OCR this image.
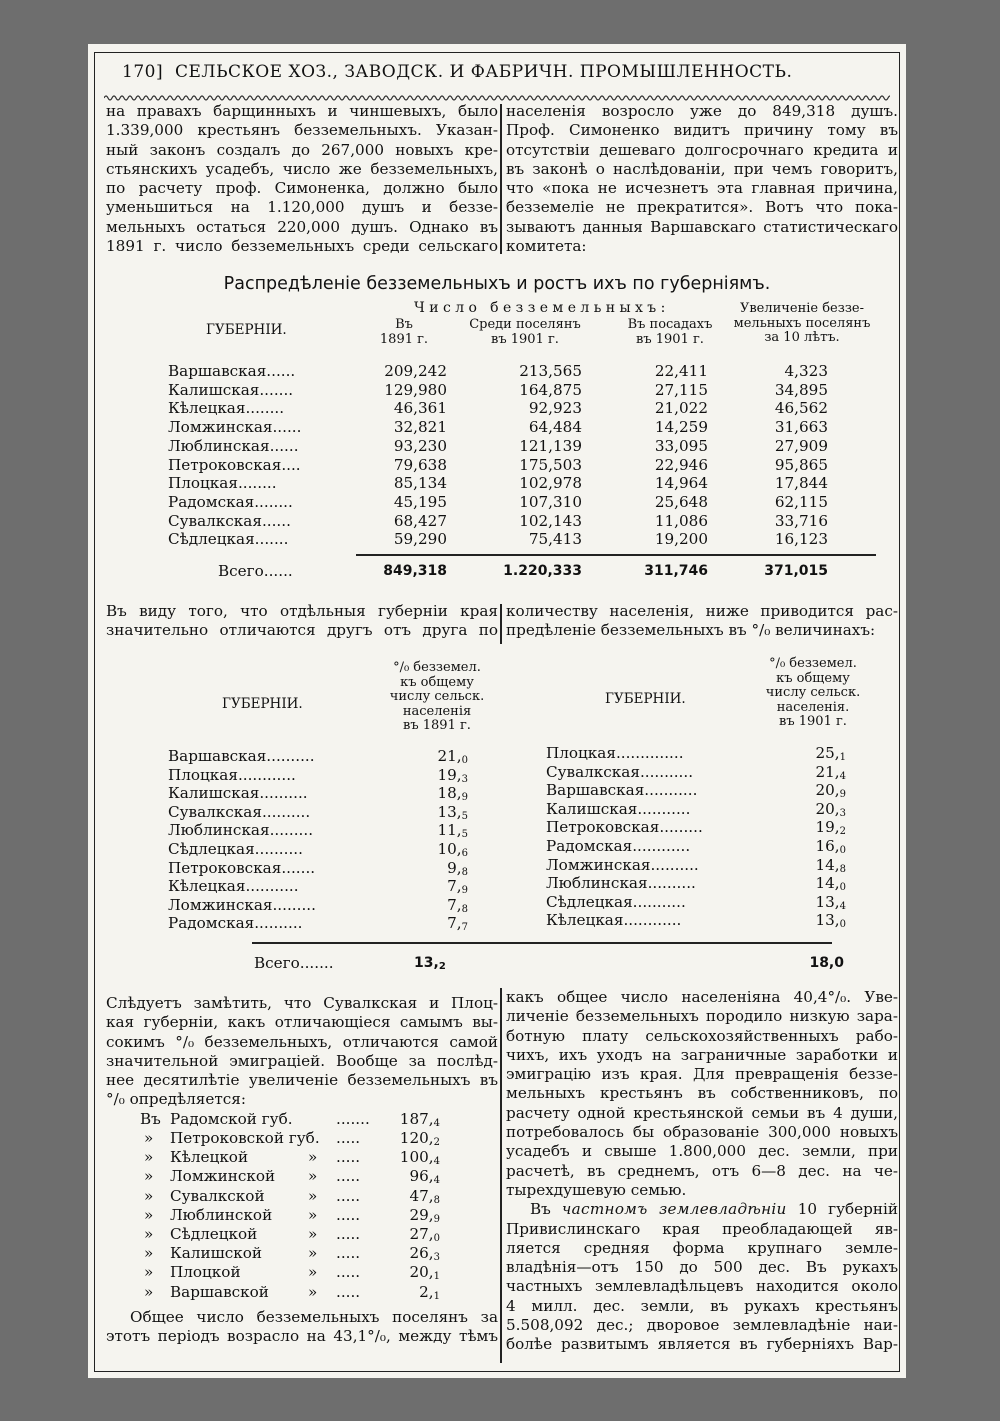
170] СЕЛЬСКОЕ ХОЗ., ЗАВОДСК. И ФАБРИЧН. ПРОМЫШЛЕННОСТЬ.
на правахъ барщинныхъ и чиншевыхъ, было
1.339,000 крестьянъ безземельныхъ. Указан-
ный законъ создалъ до 267,000 новыхъ кре-
стьянскихъ усадебъ, число же безземельныхъ,
по расчету проф. Симоненка, должно было
уменьшиться на 1.120,000 душъ и беззе-
мельныхъ остаться 220,000 душъ. Однако въ
1891 г. число безземельныхъ среди сельскаго
населенія возросло уже до 849,318 душъ.
Проф. Симоненко видитъ причину тому въ
отсутствіи дешеваго долгосрочнаго кредита и
въ законѣ о наслѣдованіи, при чемъ говоритъ,
что «пока не исчезнетъ эта главная причина,
безземеліе не прекратится». Вотъ что пока-
зываютъ данныя Варшавскаго статистическаго
комитета:
Распредѣленіе безземельныхъ и ростъ ихъ по губерніямъ.
Число безземельныхъ:
ГУБЕРНІИ.	Въ
1891 г.
Среди поселянъ
въ 1901 г.
Въ посадахъ
въ 1901 г.
Увеличеніе беззе-
мельныхъ поселянъ
за 10 лѣтъ.
Варшавская......	209,242	213,565	22,411	4,323
Калишская.......	129,980	164,875	27,115	34,895
Кѣлецкая........	46,361	92,923	21,022	46,562
Ломжинская......	32,821	64,484	14,259	31,663
Люблинская......	93,230	121,139	33,095	27,909
Петроковская....	79,638	175,503	22,946	95,865
Плоцкая........	85,134	102,978	14,964	17,844
Радомская........	45,195	107,310	25,648	62,115
Сувалкская......	68,427	102,143	11,086	33,716
Сѣдлецкая.......	59,290	75,413	19,200	16,123
Всего......	849,318	1.220,333	311,746	371,015
Въ виду того, что отдѣльныя губерніи края
значительно отличаются другъ отъ друга по
количеству населенія, ниже приводится рас-
предѣленіе безземельныхъ въ °/₀ величинахъ:
ГУБЕРНІИ.
°/₀ безземел.
къ общему
числу сельск.
населенія
въ 1891 г.
ГУБЕРНІИ.
°/₀ безземел.
къ общему
числу сельск.
населенія.
въ 1901 г.
Варшавская..........	21,0
Плоцкая............	19,3
Калишская..........	18,9
Сувалкская..........	13,5
Люблинская.........	11,5
Сѣдлецкая..........	10,6
Петроковская.......	9,8
Кѣлецкая...........	7,9
Ломжинская.........	7,8
Радомская..........	7,7
Плоцкая..............	25,1
Сувалкская...........	21,4
Варшавская...........	20,9
Калишская...........	20,3
Петроковская.........	19,2
Радомская............	16,0
Ломжинская..........	14,8
Люблинская..........	14,0
Сѣдлецкая...........	13,4
Кѣлецкая............	13,0
Всего.......	13,2	18,0
Слѣдуетъ замѣтить, что Сувалкская и Плоц-
кая губерніи, какъ отличающіеся самымъ вы-
сокимъ °/₀ безземельныхъ, отличаются самой
значительной эмиграціей. Вообще за послѣд-
нее десятилѣтіе увеличеніе безземельныхъ въ
°/₀ опредѣляется:
Въ Радомской губ.	....... 187,4
» Петроковской губ. .....	120,2
» Кѣлецкой	» .....	100,4
» Ломжинской » .....	96,4
» Сувалкской	» .....	47,8
» Люблинской » .....	29,9
» Сѣдлецкой	» .....	27,0
» Калишской	» .....	26,3
» Плоцкой	» .....	20,1
» Варшавской	» .....	2,1
Общее число безземельныхъ поселянъ за
этотъ періодъ возрасло на 43,1°/₀, между тѣмъ
какъ общее число населеніяна 40,4°/₀. Уве-
личеніе безземельныхъ породило низкую зара-
ботную плату сельскохозяйственныхъ рабо-
чихъ, ихъ уходъ на заграничные заработки и
эмиграцію изъ края. Для превращенія беззе-
мельныхъ крестьянъ въ собственниковъ, по
расчету одной крестьянской семьи въ 4 души,
потребовалось бы образованіе 300,000 новыхъ
усадебъ и свыше 1.800,000 дес. земли, при
расчетѣ, въ среднемъ, отъ 6—8 дес. на че-
тырехдушевую семью.
Въ частномъ землевладѣніи 10 губерній
Привислинскаго края преобладающей яв-
ляется средняя форма крупнаго земле-
владѣнія—отъ 150 до 500 дес. Въ рукахъ
частныхъ землевладѣльцевъ находится около
4 милл. дес. земли, въ рукахъ крестьянъ
5.508,092 дес.; дворовое землевладѣніе наи-
болѣе развитымъ является въ губерніяхъ Вар-
